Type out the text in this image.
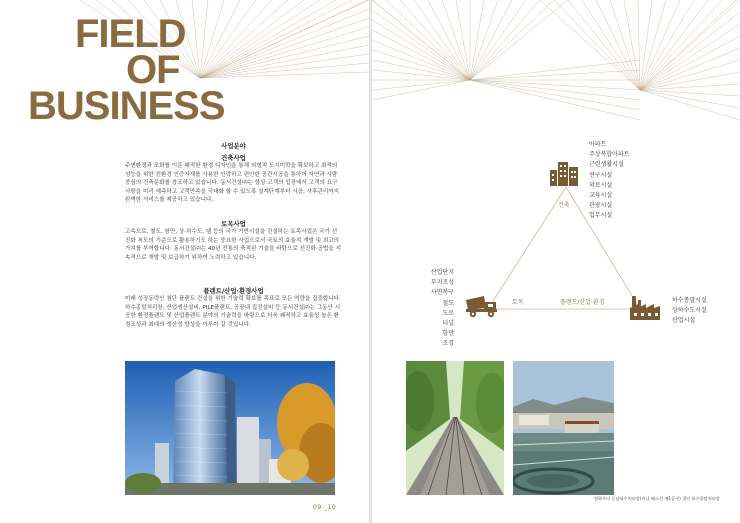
FIELD
OF
BUSINESS
사업분야
건축사업
주변환경과 조화를 이룬 쾌적한 환경 디자인을 통해 외형적 도시미학을 확보하고 최적의 성능을 위한 친환경 인증자재를 사용한 안락하고 편안한 공간시공을 통하여 자연과 사람 중심의 건축문화를 창조하고 있습니다. 동서건설㈜는 항상 고객의 입장에서 고객의 요구사항을 미리 예측하고 고객만족을 극대화 할 수 있도록 설계단계부터 시공, 사후관리까지 완벽한 서비스를 제공하고 있습니다.
토목사업
고속도로, 철도, 항만, 상·하수도, 댐 등의 국가 기반시설을 건설하는 토목사업은 국가 선진화 척도의 기준으로 활용하기도 하는 중요한 사업으로서 국토의 효율적 개발 및 최고의 가치를 부여합니다. 동서건설㈜는 40년 전통의 축적된 기술을 바탕으로 선진화·공법을 지속적으로 개발 및 보급하기 위하여 노력하고 있습니다.
플랜트/산업·환경사업
미래 성장동력인 첨단 플랜트 건설을 위한 기술력 확보를 목표로 모든 역량을 집중합니다. 하수종말처리장, 산업생산설비, PILE플랜트, 공장내 집진설비 등 동서건설㈜는 그동안 시공한 환경플랜트 및 산업플랜트 분야의 기술력을 바탕으로 더욱 쾌적하고 효율성 높은 환경조성과 최대의 생산성 향상을 이루어 갈 것입니다.
09 _10
건축
아파트
주상복합아파트
근린생활시설
연구시설
의료시설
교육시설
관광시설
업무시설
토목
산업단지
부지조성
사면복구
철도
도로
터널
항만
조경
플랜트/산업·환경	하수종말시설
상하수도시설
산업시설
원하수다 동남하수처리장(미나 배스선 제1공구) 경인 하수종말처리장
